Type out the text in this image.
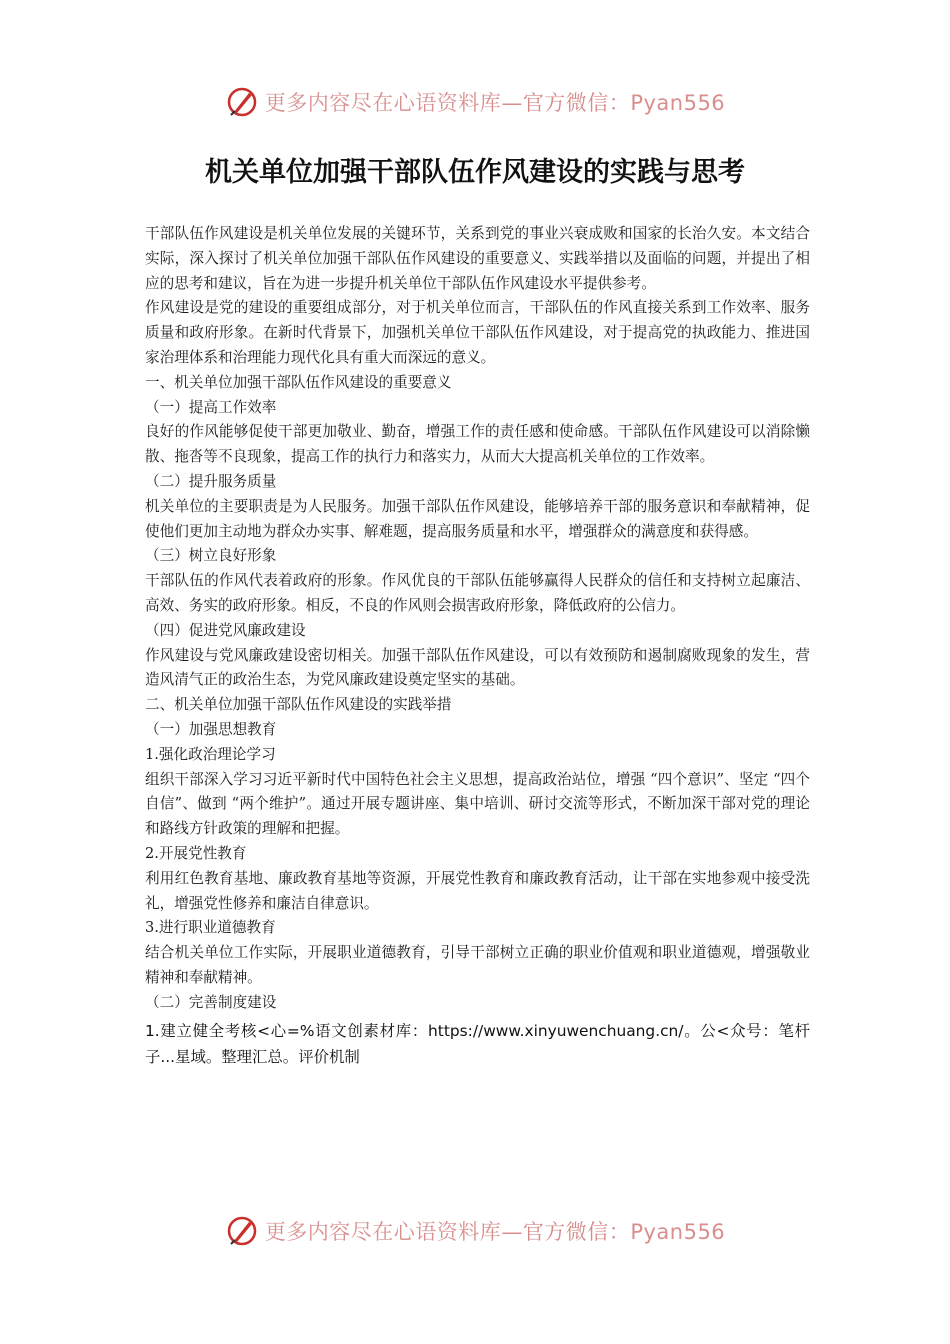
更多内容尽在心语资料库—官方微信：Pyan556
机关单位加强干部队伍作风建设的实践与思考

干部队伍作风建设是机关单位发展的关键环节，关系到党的事业兴衰成败和国家的长治久安。本文结合实际，深入探讨了机关单位加强干部队伍作风建设的重要意义、实践举措以及面临的问题，并提出了相应的思考和建议，旨在为进一步提升机关单位干部队伍作风建设水平提供参考。

作风建设是党的建设的重要组成部分，对于机关单位而言，干部队伍的作风直接关系到工作效率、服务质量和政府形象。在新时代背景下，加强机关单位干部队伍作风建设，对于提高党的执政能力、推进国家治理体系和治理能力现代化具有重大而深远的意义。

一、机关单位加强干部队伍作风建设的重要意义

（一）提高工作效率

良好的作风能够促使干部更加敬业、勤奋，增强工作的责任感和使命感。干部队伍作风建设可以消除懒散、拖沓等不良现象，提高工作的执行力和落实力，从而大大提高机关单位的工作效率。

（二）提升服务质量

机关单位的主要职责是为人民服务。加强干部队伍作风建设，能够培养干部的服务意识和奉献精神，促使他们更加主动地为群众办实事、解难题，提高服务质量和水平，增强群众的满意度和获得感。

（三）树立良好形象

干部队伍的作风代表着政府的形象。作风优良的干部队伍能够赢得人民群众的信任和支持树立起廉洁、高效、务实的政府形象。相反，不良的作风则会损害政府形象，降低政府的公信力。

（四）促进党风廉政建设

作风建设与党风廉政建设密切相关。加强干部队伍作风建设，可以有效预防和遏制腐败现象的发生，营造风清气正的政治生态，为党风廉政建设奠定坚实的基础。

二、机关单位加强干部队伍作风建设的实践举措

（一）加强思想教育

1.强化政治理论学习

组织干部深入学习习近平新时代中国特色社会主义思想，提高政治站位，增强 “四个意识”、坚定 “四个自信”、做到 “两个维护”。通过开展专题讲座、集中培训、研讨交流等形式，不断加深干部对党的理论和路线方针政策的理解和把握。

2.开展党性教育

利用红色教育基地、廉政教育基地等资源，开展党性教育和廉政教育活动，让干部在实地参观中接受洗礼，增强党性修养和廉洁自律意识。

3.进行职业道德教育

结合机关单位工作实际，开展职业道德教育，引导干部树立正确的职业价值观和职业道德观，增强敬业精神和奉献精神。

（二）完善制度建设

1.建立健全考核<心=%语文创素材库：https://www.xinyuwenchuang.cn/。公<众号：笔杆子...星域。整理汇总。评价机制

更多内容尽在心语资料库—官方微信：Pyan556
